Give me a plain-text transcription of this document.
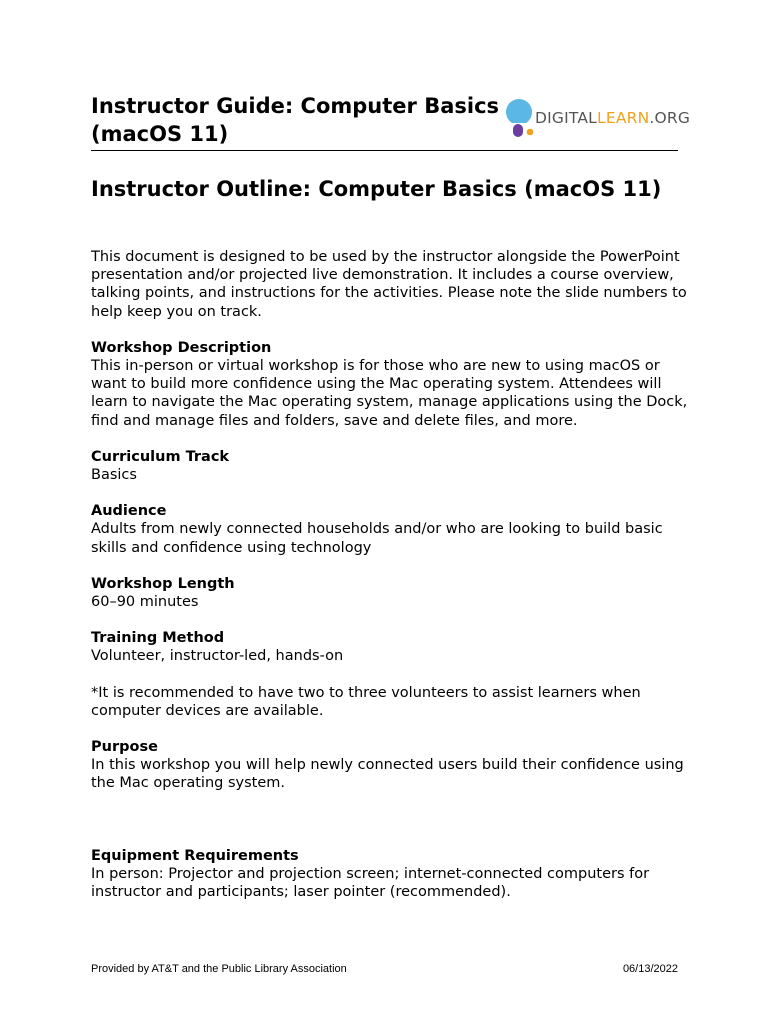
Instructor Guide: Computer Basics
(macOS 11)
DIGITALLEARN.ORG
Instructor Outline: Computer Basics (macOS 11)

This document is designed to be used by the instructor alongside the PowerPoint presentation and/or projected live demonstration. It includes a course overview, talking points, and instructions for the activities. Please note the slide numbers to help keep you on track.

Workshop Description

This in-person or virtual workshop is for those who are new to using macOS or want to build more confidence using the Mac operating system. Attendees will learn to navigate the Mac operating system, manage applications using the Dock, find and manage files and folders, save and delete files, and more.

Curriculum Track

Basics

Audience

Adults from newly connected households and/or who are looking to build basic skills and confidence using technology

Workshop Length

60–90 minutes

Training Method

Volunteer, instructor-led, hands-on

*It is recommended to have two to three volunteers to assist learners when computer devices are available.

Purpose

In this workshop you will help newly connected users build their confidence using the Mac operating system.

Equipment Requirements

In person: Projector and projection screen; internet-connected computers for instructor and participants; laser pointer (recommended).

Provided by AT&T and the Public Library Association	06/13/2022
